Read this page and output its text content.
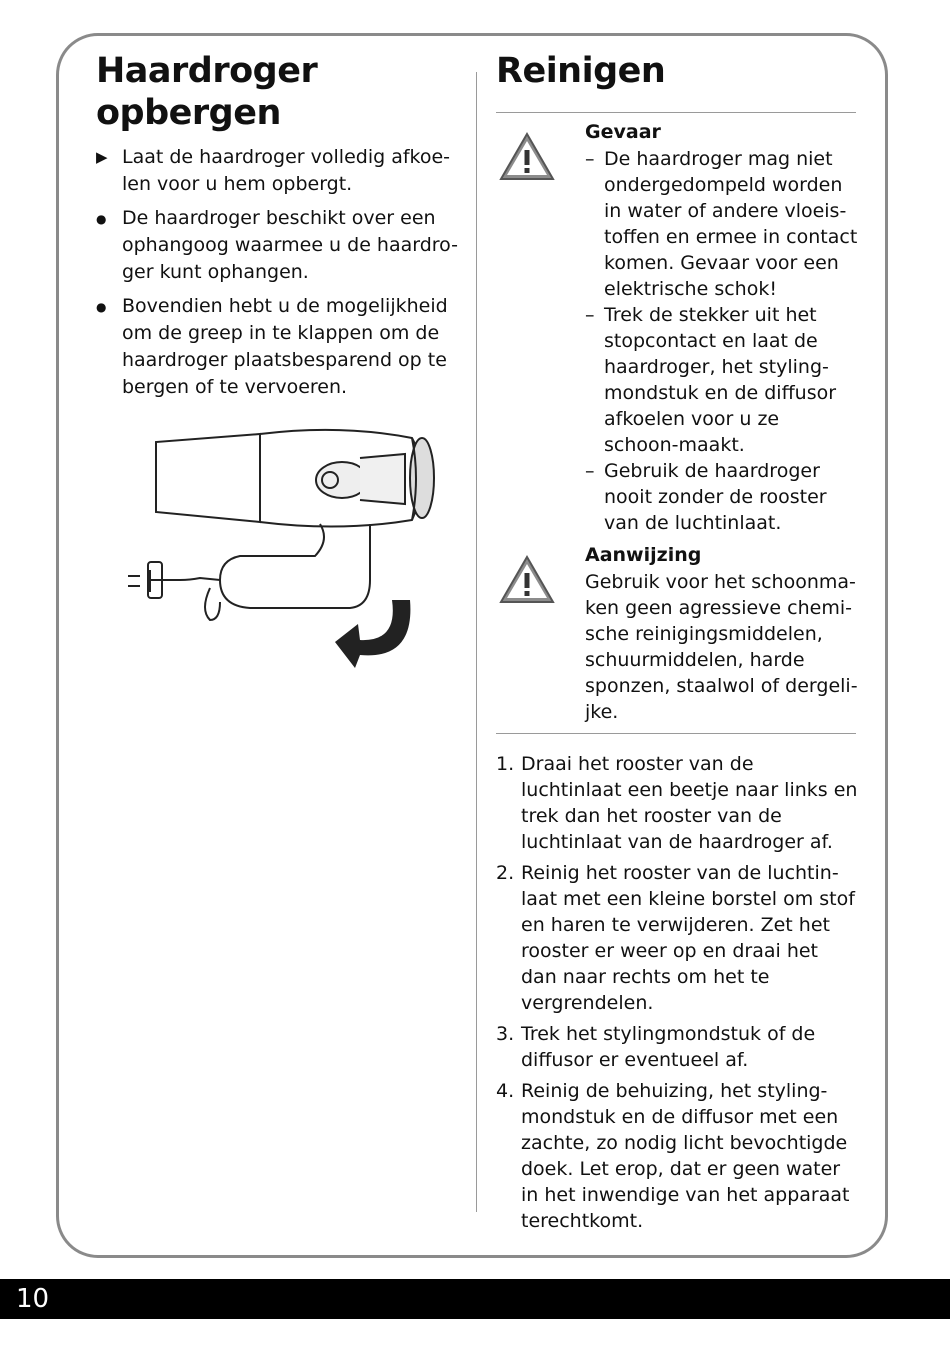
Haardroger
opbergen
▶ Laat de haardroger volledig afkoe-len voor u hem opbergt.
● De haardroger beschikt over een ophangoog waarmee u de haardro-ger kunt ophangen.
● Bovendien hebt u de mogelijkheid om de greep in te klappen om de haardroger plaatsbesparend op te bergen of te vervoeren.
Reinigen
Gevaar
– De haardroger mag niet ondergedompeld worden in water of andere vloeis-toffen en ermee in contact komen. Gevaar voor een elektrische schok!
– Trek de stekker uit het stopcontact en laat de haardroger, het styling-mondstuk en de diffusor afkoelen voor u ze schoon-maakt.
– Gebruik de haardroger nooit zonder de rooster van de luchtinlaat.
Aanwijzing
Gebruik voor het schoonma-ken geen agressieve chemi-sche reinigingsmiddelen, schuurmiddelen, harde sponzen, staalwol of dergeli-jke.
1. Draai het rooster van de luchtinlaat een beetje naar links en trek dan het rooster van de luchtinlaat van de haardroger af.
2. Reinig het rooster van de luchtin-laat met een kleine borstel om stof en haren te verwijderen. Zet het rooster er weer op en draai het dan naar rechts om het te vergrendelen.
3. Trek het stylingmondstuk of de diffusor er eventueel af.
4. Reinig de behuizing, het styling-mondstuk en de diffusor met een zachte, zo nodig licht bevochtigde doek. Let erop, dat er geen water in het inwendige van het apparaat terechtkomt.
10
